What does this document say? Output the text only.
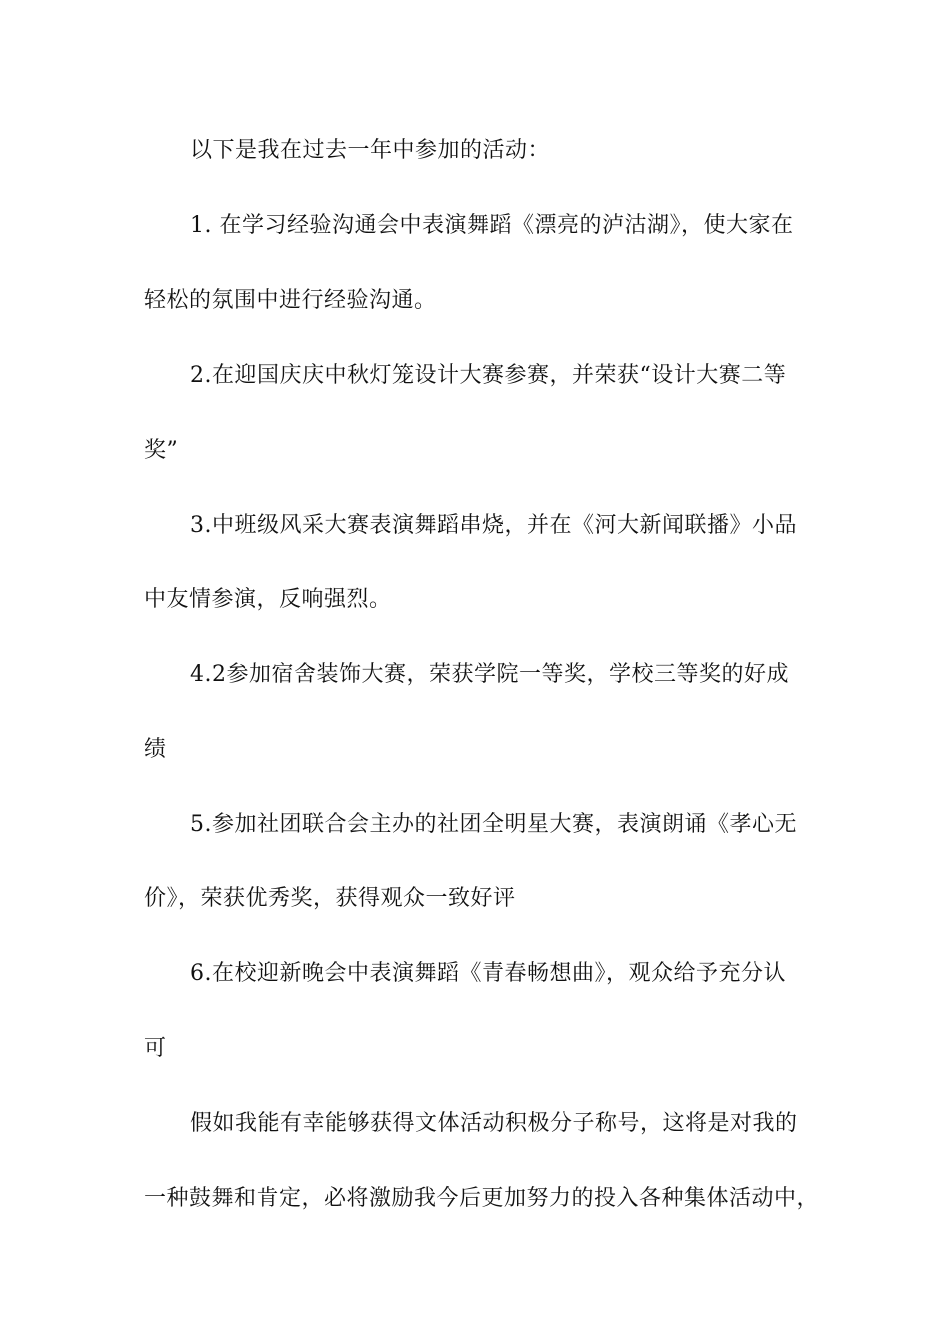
以下是我在过去一年中参加的活动：
1. 在学习经验沟通会中表演舞蹈《漂亮的泸沽湖》，使大家在
轻松的氛围中进行经验沟通。
2.在迎国庆庆中秋灯笼设计大赛参赛，并荣获“设计大赛二等
奖”
3.中班级风采大赛表演舞蹈串烧，并在《河大新闻联播》小品
中友情参演，反响强烈。
4.2参加宿舍装饰大赛，荣获学院一等奖，学校三等奖的好成
绩
5.参加社团联合会主办的社团全明星大赛，表演朗诵《孝心无
价》，荣获优秀奖，获得观众一致好评
6.在校迎新晚会中表演舞蹈《青春畅想曲》，观众给予充分认
可
假如我能有幸能够获得文体活动积极分子称号，这将是对我的
一种鼓舞和肯定，必将激励我今后更加努力的投入各种集体活动中，
